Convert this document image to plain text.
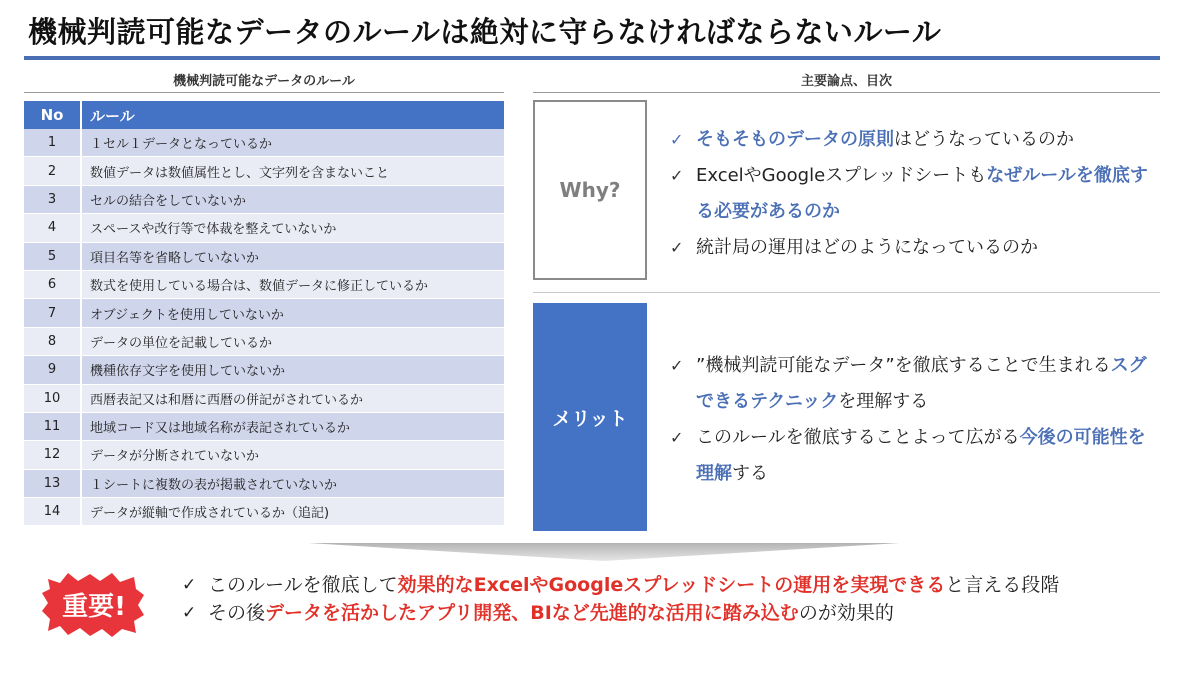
機械判読可能なデータのルールは絶対に守らなければならないルール
機械判読可能なデータのルール
No	ルール
1	１セル１データとなっているか
2	数値データは数値属性とし、文字列を含まないこと
3	セルの結合をしていないか
4	スペースや改行等で体裁を整えていないか
5	項目名等を省略していないか
6	数式を使用している場合は、数値データに修正しているか
7	オブジェクトを使用していないか
8	データの単位を記載しているか
9	機種依存文字を使用していないか
10	西暦表記又は和暦に西暦の併記がされているか
11	地域コード又は地域名称が表記されているか
12	データが分断されていないか
13	１シートに複数の表が掲載されていないか
14	データが縦軸で作成されているか（追記)
主要論点、目次
Why?
✓ そもそものデータの原則はどうなっているのか
✓ ExcelやGoogleスプレッドシートもなぜルールを徹底する必要があるのか
✓ 統計局の運用はどのようになっているのか
メリット
✓ ”機械判読可能なデータ”を徹底することで生まれるスグできるテクニックを理解する
✓ このルールを徹底することよって広がる今後の可能性を理解する
重要!
✓ このルールを徹底して効果的なExcelやGoogleスプレッドシートの運用を実現できると言える段階
✓ その後データを活かしたアプリ開発、BIなど先進的な活用に踏み込むのが効果的
